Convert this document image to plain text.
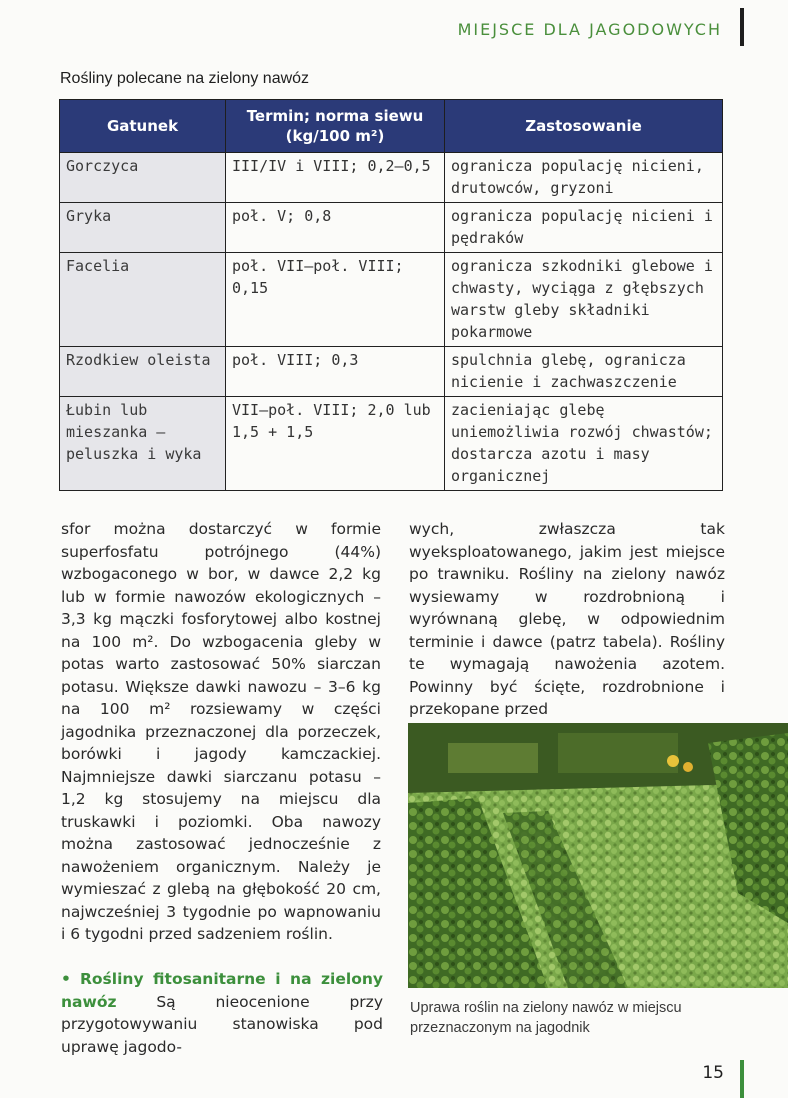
MIEJSCE DLA JAGODOWYCH
Rośliny polecane na zielony nawóz
Gatunek	Termin; norma siewu (kg/100 m²)	Zastosowanie
Gorczyca	III/IV i VIII; 0,2–0,5	ogranicza populację nicieni, drutowców, gryzoni
Gryka	poł. V; 0,8	ogranicza populację nicieni i pędraków
Facelia	poł. VII–poł. VIII; 0,15	ogranicza szkodniki glebowe i chwasty, wyciąga z głębszych warstw gleby składniki pokarmowe
Rzodkiew oleista	poł. VIII; 0,3	spulchnia glebę, ogranicza nicienie i zachwaszczenie
Łubin lub mieszanka – peluszka i wyka	VII–poł. VIII; 2,0 lub 1,5 + 1,5	zacieniając glebę uniemożliwia rozwój chwastów; dostarcza azotu i masy organicznej
sfor można dostarczyć w formie superfosfatu potrójnego (44%) wzbogaconego w bor, w dawce 2,2 kg lub w formie nawozów ekologicznych – 3,3 kg mączki fosforytowej albo kostnej na 100 m². Do wzbogacenia gleby w potas warto zastosować 50% siarczan potasu. Większe dawki nawozu – 3–6 kg na 100 m² rozsiewamy w części jagodnika przeznaczonej dla porzeczek, borówki i jagody kamczackiej. Najmniejsze dawki siarczanu potasu – 1,2 kg stosujemy na miejscu dla truskawki i poziomki. Oba nawozy można zastosować jednocześnie z nawożeniem organicznym. Należy je wymieszać z glebą na głębokość 20 cm, najwcześniej 3 tygodnie po wapnowaniu i 6 tygodni przed sadzeniem roślin.
• Rośliny fitosanitarne i na zielony nawóz	Są nieocenione przy przygotowywaniu stanowiska pod uprawę jagodo-
wych, zwłaszcza tak wyeksploatowanego, jakim jest miejsce po trawniku. Rośliny na zielony nawóz wysiewamy w rozdrobnioną i wyrównaną glebę, w odpowiednim terminie i dawce (patrz tabela). Rośliny te wymagają nawożenia azotem. Powinny być ścięte, rozdrobnione i przekopane przed
Uprawa roślin na zielony nawóz w miejscu przeznaczonym na jagodnik
15
